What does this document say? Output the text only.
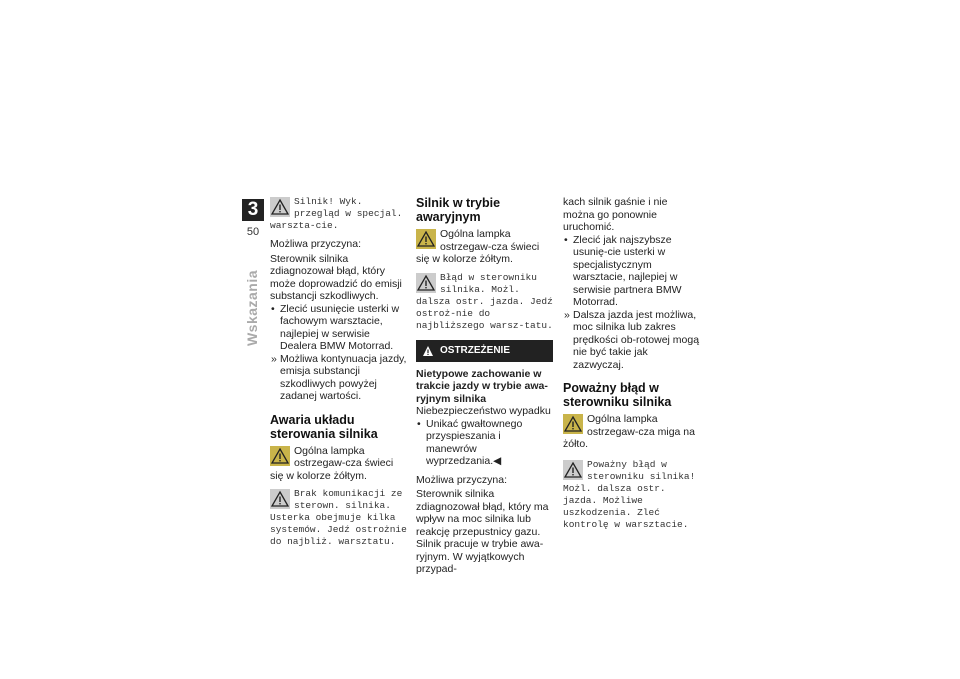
3
50
Wskazania
Silnik! Wyk. przegląd w specjal. warszta-cie.

Możliwa przyczyna:

Sterownik silnika zdiagnozował błąd, który może doprowadzić do emisji substancji szkodliwych.

• Zlecić usunięcie usterki w fachowym warsztacie, najlepiej w serwisie Dealera BMW Motorrad.
» Możliwa kontynuacja jazdy, emisja substancji szkodliwych powyżej zadanej wartości.
Awaria układu sterowania silnika
Ogólna lampka ostrzegaw-cza świeci się w kolorze żółtym.
Brak komunikacji ze sterown. silnika. Usterka obejmuje kilka systemów. Jedź ostrożnie do najbliż. warsztatu.
Silnik w trybie awaryjnym
Ogólna lampka ostrzegaw-cza świeci się w kolorze żółtym.
Błąd w sterowniku silnika. Możl. dalsza ostr. jazda. Jedź ostroż-nie do najbliższego warsz-tatu.
OSTRZEŻENIE

Nietypowe zachowanie w trakcie jazdy w trybie awa-ryjnym silnika

Niebezpieczeństwo wypadku
• Unikać gwałtownego przyspieszania i manewrów wyprzedzania.◀

Możliwa przyczyna:

Sterownik silnika zdiagnozował błąd, który ma wpływ na moc silnika lub reakcję przepustnicy gazu. Silnik pracuje w trybie awa-ryjnym. W wyjątkowych przypad-

kach silnik gaśnie i nie można go ponownie uruchomić.
• Zlecić jak najszybsze usunię-cie usterki w specjalistycznym warsztacie, najlepiej w serwisie partnera BMW Motorrad.
» Dalsza jazda jest możliwa, moc silnika lub zakres prędkości ob-rotowej mogą nie być takie jak zazwyczaj.
Poważny błąd w sterowniku silnika
Ogólna lampka ostrzegaw-cza miga na żółto.
Poważny błąd w sterowniku silnika! Możl. dalsza ostr. jazda. Możliwe uszkodzenia. Zleć kontrolę w warsztacie.
